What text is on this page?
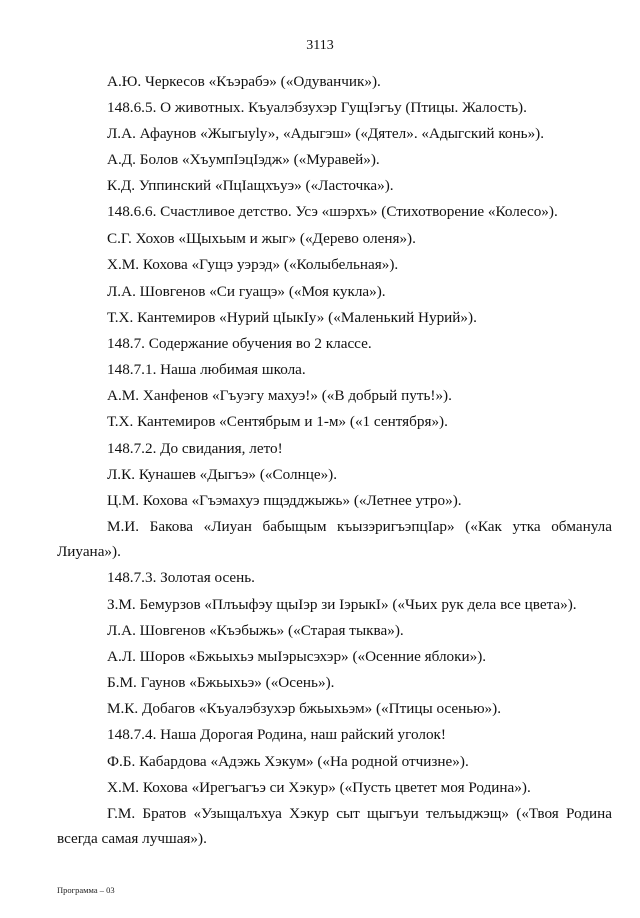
3113
А.Ю. Черкесов «Къэрабэ» («Одуванчик»).
148.6.5. О животных. Къуалэбзухэр ГущӀэгъу (Птицы. Жалость).
Л.А. Афаунов «Жыгыуӏу», «Адыгэш» («Дятел». «Адыгский конь»).
А.Д. Болов «ХъумпӀэцӀэдж» («Муравей»).
К.Д. Уппинский «ПцӀащхъуэ» («Ласточка»).
148.6.6. Счастливое детство. Усэ «шэрхъ» (Стихотворение «Колесо»).
С.Г. Хохов «Щыхьым и жыг» («Дерево оленя»).
Х.М. Кохова «Гущэ уэрэд» («Колыбельная»).
Л.А. Шовгенов «Си гуащэ» («Моя кукла»).
Т.Х. Кантемиров «Нурий цӀыкӀу» («Маленький Нурий»).
148.7. Содержание обучения во 2 классе.
148.7.1. Наша любимая школа.
А.М. Ханфенов «Гъуэгу махуэ!» («В добрый путь!»).
Т.Х. Кантемиров «Сентябрым и 1-м» («1 сентября»).
148.7.2. До свидания, лето!
Л.К. Кунашев «Дыгъэ» («Солнце»).
Ц.М. Кохова «Гъэмахуэ пщэдджыжь» («Летнее утро»).
М.И. Бакова «Лиуан бабыщым къызэригъэпцӀар» («Как утка обманула
Лиуана»).
148.7.3. Золотая осень.
З.М. Бемурзов «Плъыфэу щыӀэр зи ӀэрыкӀ» («Чьих рук дела все цвета»).
Л.А. Шовгенов «Къэбыжь» («Старая тыква»).
А.Л. Шоров «Бжьыхьэ мыӀэрысэхэр» («Осенние яблоки»).
Б.М. Гаунов «Бжьыхьэ» («Осень»).
М.К. Добагов «Къуалэбзухэр бжьыхьэм» («Птицы осенью»).
148.7.4. Наша Дорогая Родина, наш райский уголок!
Ф.Б. Кабардова «Адэжь Хэкум» («На родной отчизне»).
Х.М. Кохова «Ирегъагъэ си Хэкур» («Пусть цветет моя Родина»).
Г.М. Братов «Узыщалъхуа Хэкур сыт щыгъуи телъыджэщ» («Твоя Родина
всегда самая лучшая»).
Программа – 03
